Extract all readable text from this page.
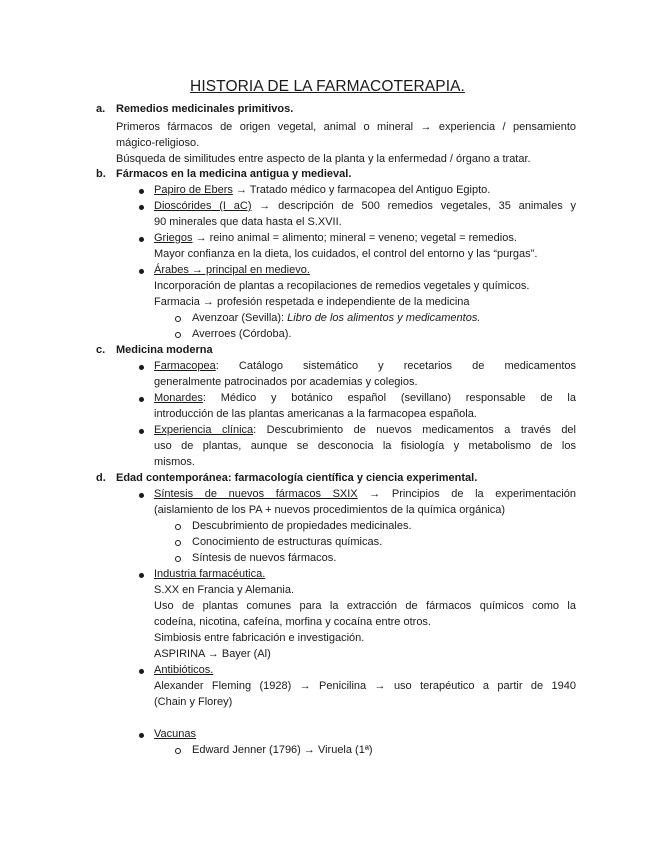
HISTORIA DE LA FARMACOTERAPIA.
a. Remedios medicinales primitivos.
Primeros fármacos de origen vegetal, animal o mineral → experiencia / pensamiento
mágico-religioso.
Búsqueda de similitudes entre aspecto de la planta y la enfermedad / órgano a tratar.
b. Fármacos en la medicina antigua y medieval.
Papiro de Ebers → Tratado médico y farmacopea del Antiguo Egipto.
Dioscórides (I aC) → descripción de 500 remedios vegetales, 35 animales y
90 minerales que data hasta el S.XVII.
Griegos → reino animal = alimento; mineral = veneno; vegetal = remedios.
Mayor confianza en la dieta, los cuidados, el control del entorno y las “purgas”.
Árabes → principal en medievo.
Incorporación de plantas a recopilaciones de remedios vegetales y químicos.
Farmacia → profesión respetada e independiente de la medicina
Avenzoar (Sevilla): Libro de los alimentos y medicamentos.
Averroes (Córdoba).
c. Medicina moderna
Farmacopea: Catálogo sistemático y recetarios de medicamentos
generalmente patrocinados por academias y colegios.
Monardes: Médico y botánico español (sevillano) responsable de la
introducción de las plantas americanas a la farmacopea española.
Experiencia clínica: Descubrimiento de nuevos medicamentos a través del
uso de plantas, aunque se desconocia la fisiología y metabolismo de los
mismos.
d. Edad contemporánea: farmacología científica y ciencia experimental.
Síntesis de nuevos fármacos SXIX → Principios de la experimentación
(aislamiento de los PA + nuevos procedimientos de la química orgánica)
Descubrimiento de propiedades medicinales.
Conocimiento de estructuras químicas.
Síntesis de nuevos fármacos.
Industria farmacéutica.
S.XX en Francia y Alemania.
Uso de plantas comunes para la extracción de fármacos químicos como la
codeína, nicotina, cafeína, morfina y cocaína entre otros.
Simbiosis entre fabricación e investigación.
ASPIRINA → Bayer (Al)
Antibióticos.
Alexander Fleming (1928) → Penicilina → uso terapéutico a partir de 1940
(Chain y Florey)
Vacunas
Edward Jenner (1796) → Viruela (1ª)
